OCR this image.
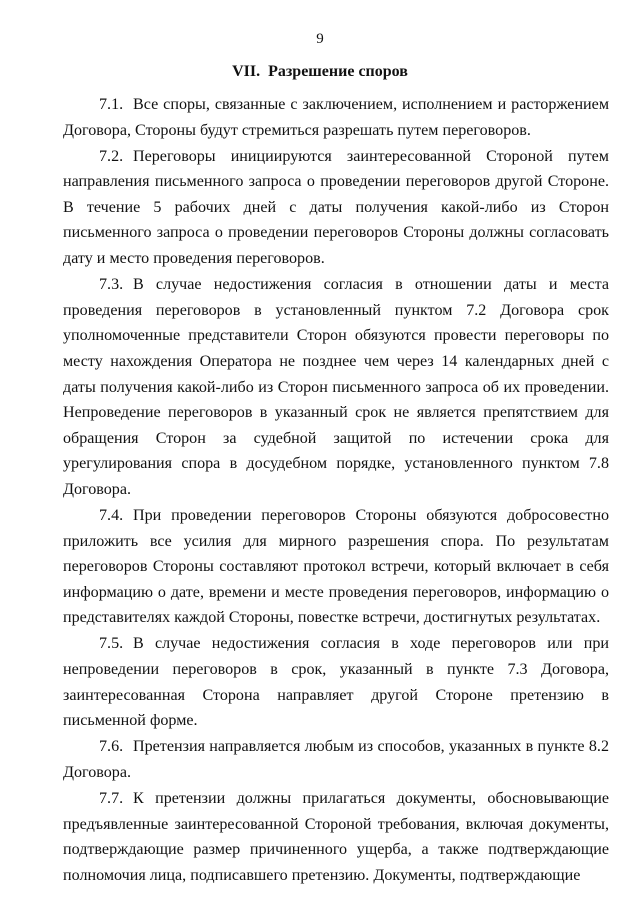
9
VII. Разрешение споров

7.1. Все споры, связанные с заключением, исполнением и расторжением Договора, Стороны будут стремиться разрешать путем переговоров.

7.2. Переговоры инициируются заинтересованной Стороной путем направления письменного запроса о проведении переговоров другой Стороне. В течение 5 рабочих дней с даты получения какой-либо из Сторон письменного запроса о проведении переговоров Стороны должны согласовать дату и место проведения переговоров.

7.3. В случае недостижения согласия в отношении даты и места проведения переговоров в установленный пунктом 7.2 Договора срок уполномоченные представители Сторон обязуются провести переговоры по месту нахождения Оператора не позднее чем через 14 календарных дней с даты получения какой-либо из Сторон письменного запроса об их проведении. Непроведение переговоров в указанный срок не является препятствием для обращения Сторон за судебной защитой по истечении срока для урегулирования спора в досудебном порядке, установленного пунктом 7.8 Договора.

7.4. При проведении переговоров Стороны обязуются добросовестно приложить все усилия для мирного разрешения спора. По результатам переговоров Стороны составляют протокол встречи, который включает в себя информацию о дате, времени и месте проведения переговоров, информацию о представителях каждой Стороны, повестке встречи, достигнутых результатах.

7.5. В случае недостижения согласия в ходе переговоров или при непроведении переговоров в срок, указанный в пункте 7.3 Договора, заинтересованная Сторона направляет другой Стороне претензию в письменной форме.

7.6. Претензия направляется любым из способов, указанных в пункте 8.2 Договора.

7.7. К претензии должны прилагаться документы, обосновывающие предъявленные заинтересованной Стороной требования, включая документы, подтверждающие размер причиненного ущерба, а также подтверждающие полномочия лица, подписавшего претензию. Документы, подтверждающие
